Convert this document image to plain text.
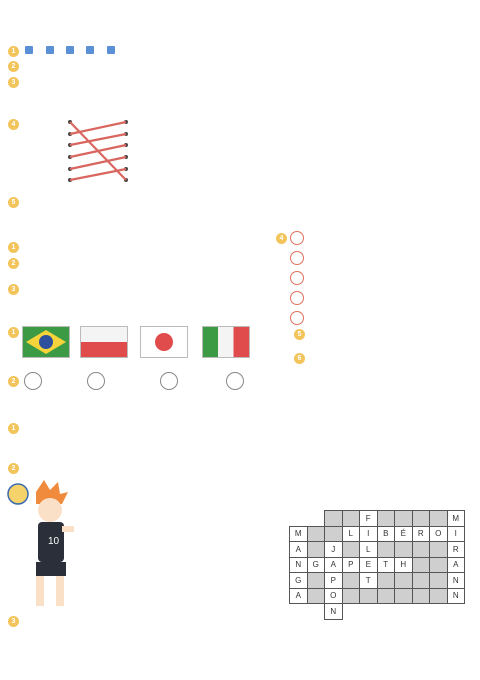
1
2
3
4
5
1
2
3
4
5
6
1
2
1
2
10
3
				F					M
M			L	I	B	É	R	O	I
A		J		L					R
N	G	A	P	E	T	H			A
G		P		T					N
A		O							N
		N							
